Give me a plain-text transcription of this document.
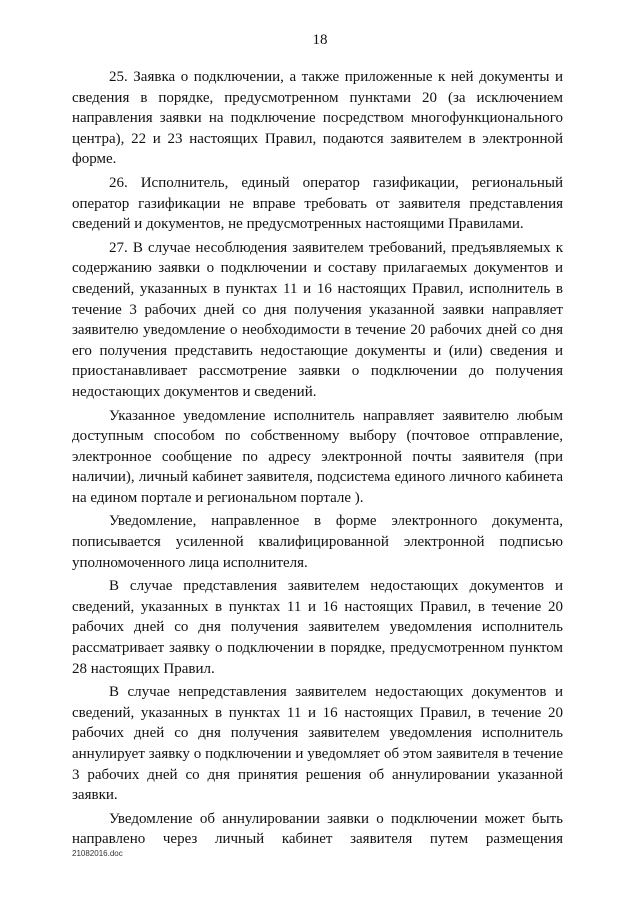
18

25. Заявка о подключении, а также приложенные к ней документы и сведения в порядке, предусмотренном пунктами 20 (за исключением направления заявки на подключение посредством многофункционального центра), 22 и 23 настоящих Правил, подаются заявителем в электронной форме.

26. Исполнитель, единый оператор газификации, региональный оператор газификации не вправе требовать от заявителя представления сведений и документов, не предусмотренных настоящими Правилами.

27. В случае несоблюдения заявителем требований, предъявляемых к содержанию заявки о подключении и составу прилагаемых документов и сведений, указанных в пунктах 11 и 16 настоящих Правил, исполнитель в течение 3 рабочих дней со дня получения указанной заявки направляет заявителю уведомление о необходимости в течение 20 рабочих дней со дня его получения представить недостающие документы и (или) сведения и приостанавливает рассмотрение заявки о подключении до получения недостающих документов и сведений.

Указанное уведомление исполнитель направляет заявителю любым доступным способом по собственному выбору (почтовое отправление, электронное сообщение по адресу электронной почты заявителя (при наличии), личный кабинет заявителя, подсистема единого личного кабинета на едином портале и региональном портале ).

Уведомление, направленное в форме электронного документа, пописывается усиленной квалифицированной электронной подписью уполномоченного лица исполнителя.

В случае представления заявителем недостающих документов и сведений, указанных в пунктах 11 и 16 настоящих Правил, в течение 20 рабочих дней со дня получения заявителем уведомления исполнитель рассматривает заявку о подключении в порядке, предусмотренном пунктом 28 настоящих Правил.

В случае непредставления заявителем недостающих документов и сведений, указанных в пунктах 11 и 16 настоящих Правил, в течение 20 рабочих дней со дня получения заявителем уведомления исполнитель аннулирует заявку о подключении и уведомляет об этом заявителя в течение 3 рабочих дней со дня принятия решения об аннулировании указанной заявки.

Уведомление об аннулировании заявки о подключении может быть направлено через личный кабинет заявителя путем размещения

21082016.doc
